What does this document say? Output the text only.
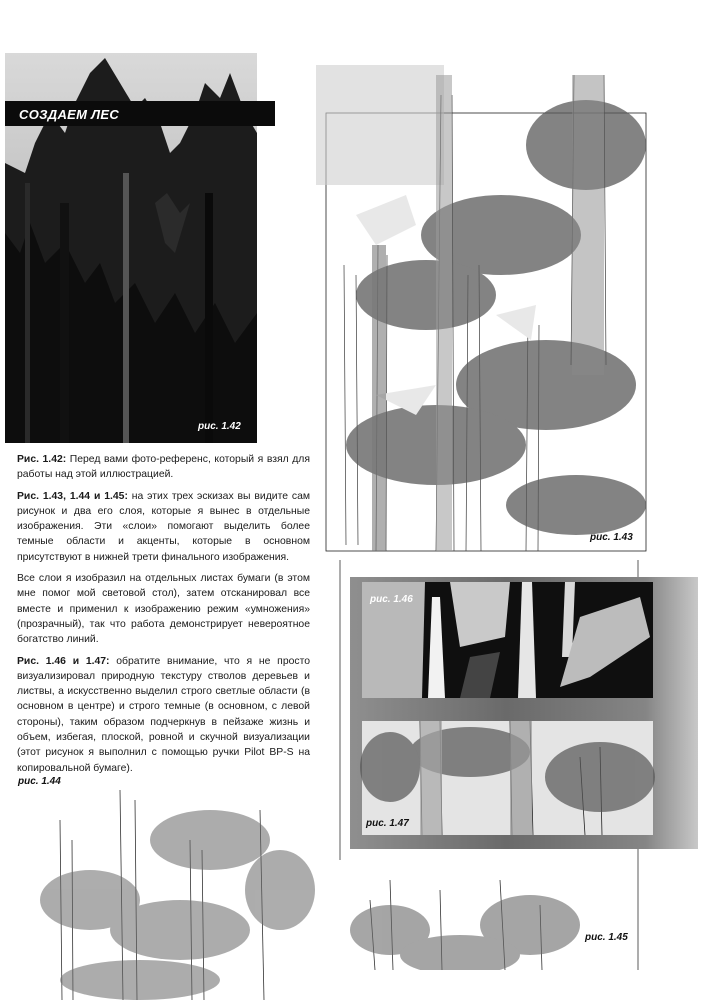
СОЗДАЕМ ЛЕС
рис. 1.42

Рис. 1.42: Перед вами фото-референс, который я взял для работы над этой иллюстрацией.

Рис. 1.43, 1.44 и 1.45: на этих трех эскизах вы видите сам рисунок и два его слоя, которые я вынес в отдельные изображения. Эти «слои» помогают выделить более темные области и акценты, которые в основном присутствуют в нижней трети финального изображения.

Все слои я изобразил на отдельных листах бумаги (в этом мне помог мой световой стол), затем отсканировал все вместе и применил к изображению режим «умножения» (прозрачный), так что работа демонстрирует невероятное богатство линий.

Рис. 1.46 и 1.47: обратите внимание, что я не просто визуализировал природную текстуру стволов деревьев и листвы, а искусственно выделил строго светлые области (в основном в центре) и строго темные (в основном, с левой стороны), таким образом подчеркнув в пейзаже жизнь и объем, избегая, плоской, ровной и скучной визуализации (этот рисунок я выполнил с помощью ручки Pilot BP-S на копировальной бумаге).

рис. 1.43
рис. 1.45
рис. 1.46
рис. 1.47
рис. 1.44
